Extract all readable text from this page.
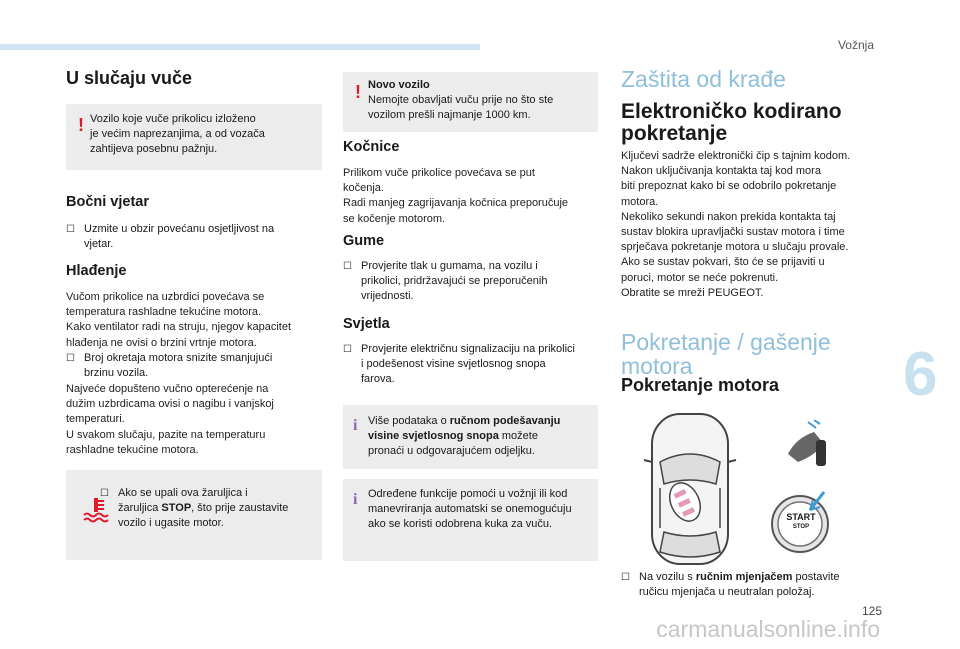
Vožnja
6
U slučaju vuče
! Vozilo koje vuče prikolicu izloženo
je većim naprezanjima, a od vozača
zahtijeva posebnu pažnju.
Bočni vjetar
☐ Uzmite u obzir povećanu osjetljivost na
vjetar.
Hlađenje
Vučom prikolice na uzbrdici povećava se
temperatura rashladne tekućine motora.
Kako ventilator radi na struju, njegov kapacitet
hlađenja ne ovisi o brzini vrtnje motora.
☐ Broj okretaja motora snizite smanjujući
brzinu vozila.
Najveće dopušteno vučno opterećenje na
dužim uzbrdicama ovisi o nagibu i vanjskoj
temperaturi.
U svakom slučaju, pazite na temperaturu
rashladne tekućine motora.
☐ Ako se upali ova žaruljica i
žaruljica STOP, što prije zaustavite
vozilo i ugasite motor.
! Novo vozilo
Nemojte obavljati vuču prije no što ste
vozilom prešli najmanje 1000 km.
Kočnice
Prilikom vuče prikolice povećava se put
kočenja.
Radi manjeg zagrijavanja kočnica preporučuje
se kočenje motorom.
Gume
☐ Provjerite tlak u gumama, na vozilu i
prikolici, pridržavajući se preporučenih
vrijednosti.
Svjetla
☐ Provjerite električnu signalizaciju na prikolici
i podešenost visine svjetlosnog snopa
farova.
i Više podataka o ručnom podešavanju
visine svjetlosnog snopa možete
pronaći u odgovarajućem odjeljku.
i Određene funkcije pomoći u vožnji ili kod
manevriranja automatski se onemogućuju
ako se koristi odobrena kuka za vuču.
Zaštita od krađe
Elektroničko kodirano
pokretanje
Ključevi sadrže elektronički čip s tajnim kodom.
Nakon uključivanja kontakta taj kod mora
biti prepoznat kako bi se odobrilo pokretanje
motora.
Nekoliko sekundi nakon prekida kontakta taj
sustav blokira upravljački sustav motora i time
sprječava pokretanje motora u slučaju provale.
Ako se sustav pokvari, što će se prijaviti u
poruci, motor se neće pokrenuti.
Obratite se mreži PEUGEOT.
Pokretanje / gašenje
motora
Pokretanje motora
START
STOP
☐ Na vozilu s ručnim mjenjačem postavite
ručicu mjenjača u neutralan položaj.
125
carmanualsonline.info
